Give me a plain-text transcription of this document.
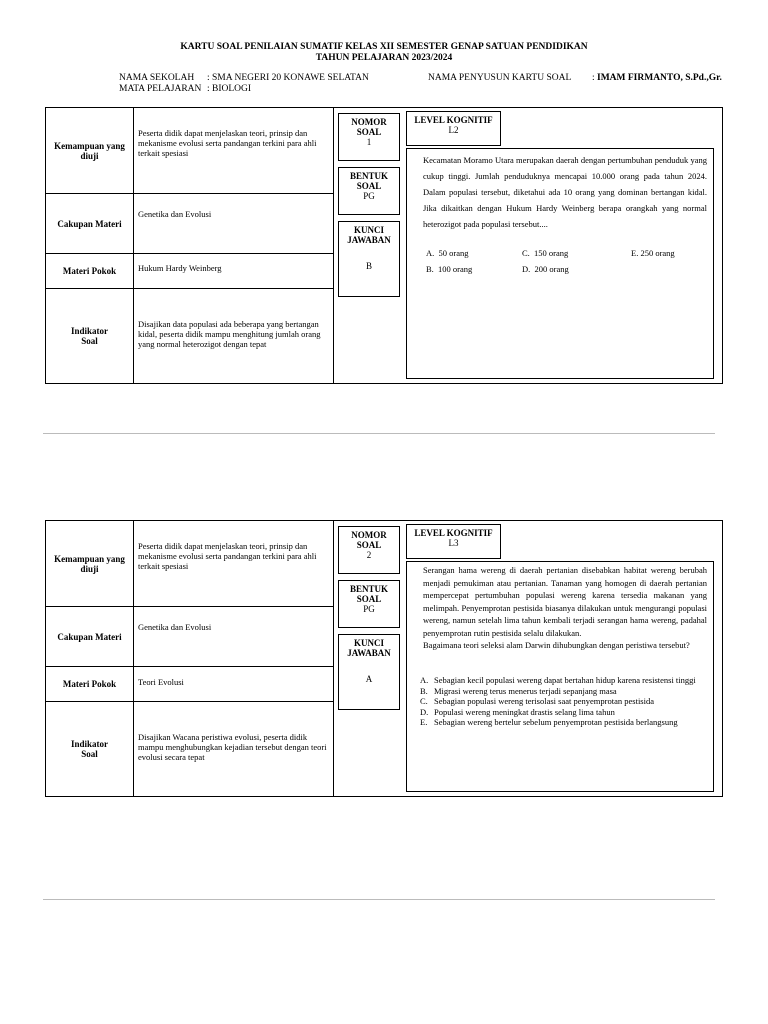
KARTU SOAL PENILAIAN SUMATIF KELAS XII SEMESTER GENAP SATUAN PENDIDIKAN
TAHUN PELAJARAN 2023/2024
NAMA SEKOLAH : SMA NEGERI 20 KONAWE SELATAN
MATA PELAJARAN : BIOLOGI
NAMA PENYUSUN KARTU SOAL : IMAM FIRMANTO, S.Pd.,Gr.
Kemampuan yang diuji
Peserta didik dapat menjelaskan teori, prinsip dan mekanisme evolusi serta pandangan terkini para ahli terkait spesiasi
Cakupan Materi
Genetika dan Evolusi
Materi Pokok	Hukum Hardy Weinberg
Indikator Soal
Disajikan data populasi ada beberapa yang bertangan kidal, peserta didik mampu menghitung jumlah orang yang normal heterozigot dengan tepat
NOMOR SOAL
1
BENTUK SOAL
PG
KUNCI JAWABAN
B
LEVEL KOGNITIF
L2
Kecamatan Moramo Utara merupakan daerah dengan pertumbuhan penduduk yang cukup tinggi. Jumlah penduduknya mencapai 10.000 orang pada tahun 2024. Dalam populasi tersebut, diketahui ada 10 orang yang dominan bertangan kidal. Jika dikaitkan dengan Hukum Hardy Weinberg berapa orangkah yang normal heterozigot pada populasi tersebut....
A. 50 orang
B. 100 orang
C. 150 orang
D. 200 orang
E. 250 orang
Kemampuan yang diuji
Peserta didik dapat menjelaskan teori, prinsip dan mekanisme evolusi serta pandangan terkini para ahli terkait spesiasi
Cakupan Materi
Genetika dan Evolusi
Materi Pokok	Teori Evolusi
Indikator Soal
Disajikan Wacana peristiwa evolusi, peserta didik mampu menghubungkan kejadian tersebut dengan teori evolusi secara tepat
NOMOR SOAL
2
BENTUK SOAL
PG
KUNCI JAWABAN
A
LEVEL KOGNITIF
L3
Serangan hama wereng di daerah pertanian disebabkan habitat wereng berubah menjadi pemukiman atau pertanian. Tanaman yang homogen di daerah pertanian mempercepat pertumbuhan populasi wereng karena tersedia makanan yang melimpah. Penyemprotan pestisida biasanya dilakukan untuk mengurangi populasi wereng, namun setelah lima tahun kembali terjadi serangan hama wereng, padahal penyemprotan rutin pestisida selalu dilakukan.
Bagaimana teori seleksi alam Darwin dihubungkan dengan peristiwa tersebut?
A. Sebagian kecil populasi wereng dapat bertahan hidup karena resistensi tinggi
B. Migrasi wereng terus menerus terjadi sepanjang masa
C. Sebagian populasi wereng terisolasi saat penyemprotan pestisida
D. Populasi wereng meningkat drastis selang lima tahun
E. Sebagian wereng bertelur sebelum penyemprotan pestisida berlangsung
